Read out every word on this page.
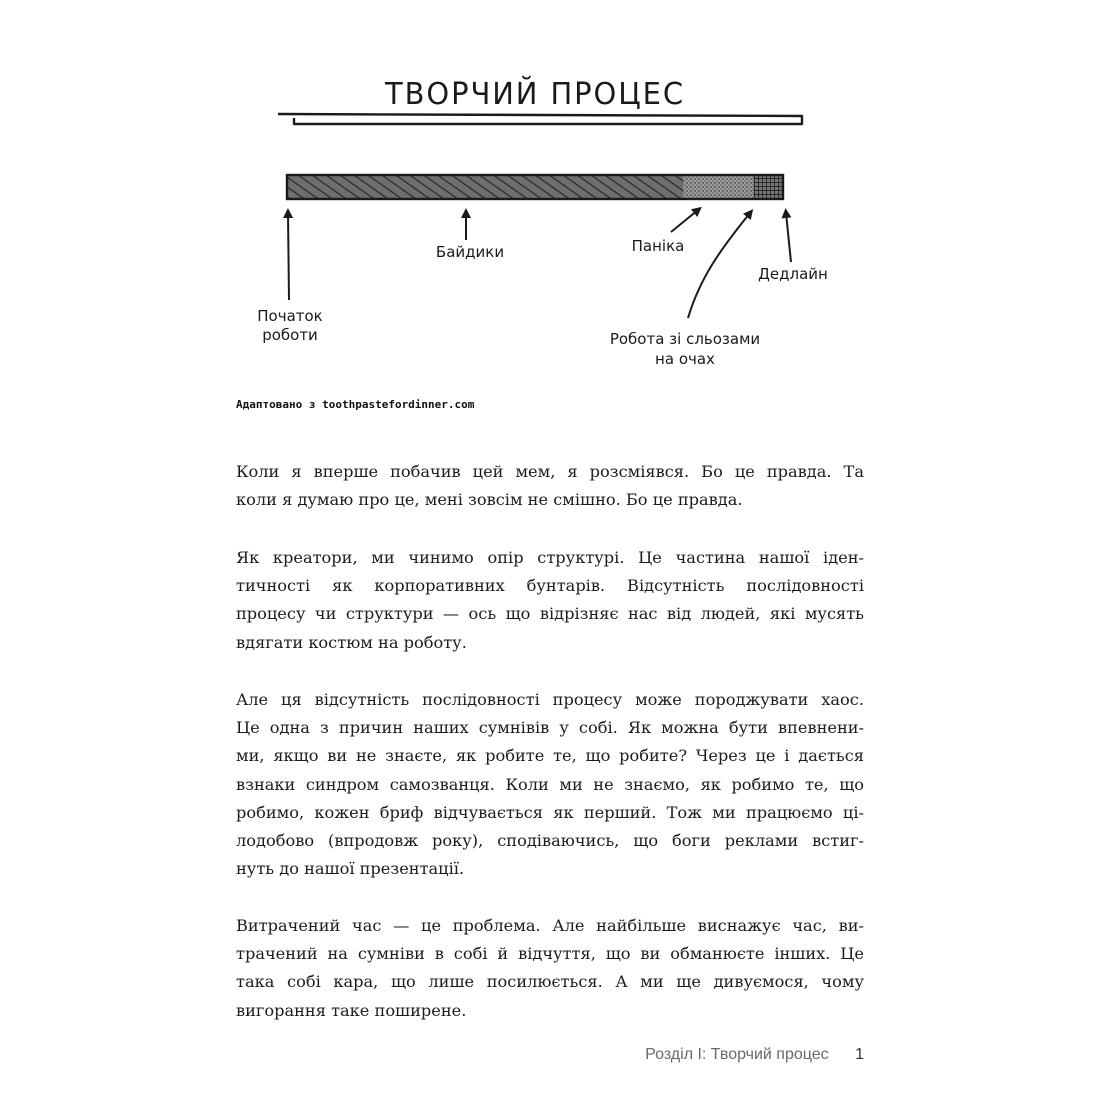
ТВОРЧИЙ ПРОЦЕС
Байдики	Паніка
Дедлайн
Початок
роботи	Робота зі сльозами
на очах
Адаптовано з toothpastefordinner.com

Коли я вперше побачив цей мем, я розсміявся. Бо це правда. Та
коли я думаю про це, мені зовсім не смішно. Бо це правда.

Як креатори, ми чинимо опір структурі. Це частина нашої іден-
тичності як корпоративних бунтарів. Відсутність послідовності
процесу чи структури — ось що відрізняє нас від людей, які мусять
вдягати костюм на роботу.

Але ця відсутність послідовності процесу може породжувати хаос.
Це одна з причин наших сумнівів у собі. Як можна бути впевнени-
ми, якщо ви не знаєте, як робите те, що робите? Через це і дається
взнаки синдром самозванця. Коли ми не знаємо, як робимо те, що
робимо, кожен бриф відчувається як перший. Тож ми працюємо ці-
лодобово (впродовж року), сподіваючись, що боги реклами встиг-
нуть до нашої презентації.

Витрачений час — це проблема. Але найбільше виснажує час, ви-
трачений на сумніви в собі й відчуття, що ви обманюєте інших. Це
така собі кара, що лише посилюється. А ми ще дивуємося, чому
вигорання таке поширене.

Розділ І: Творчий процес 1
